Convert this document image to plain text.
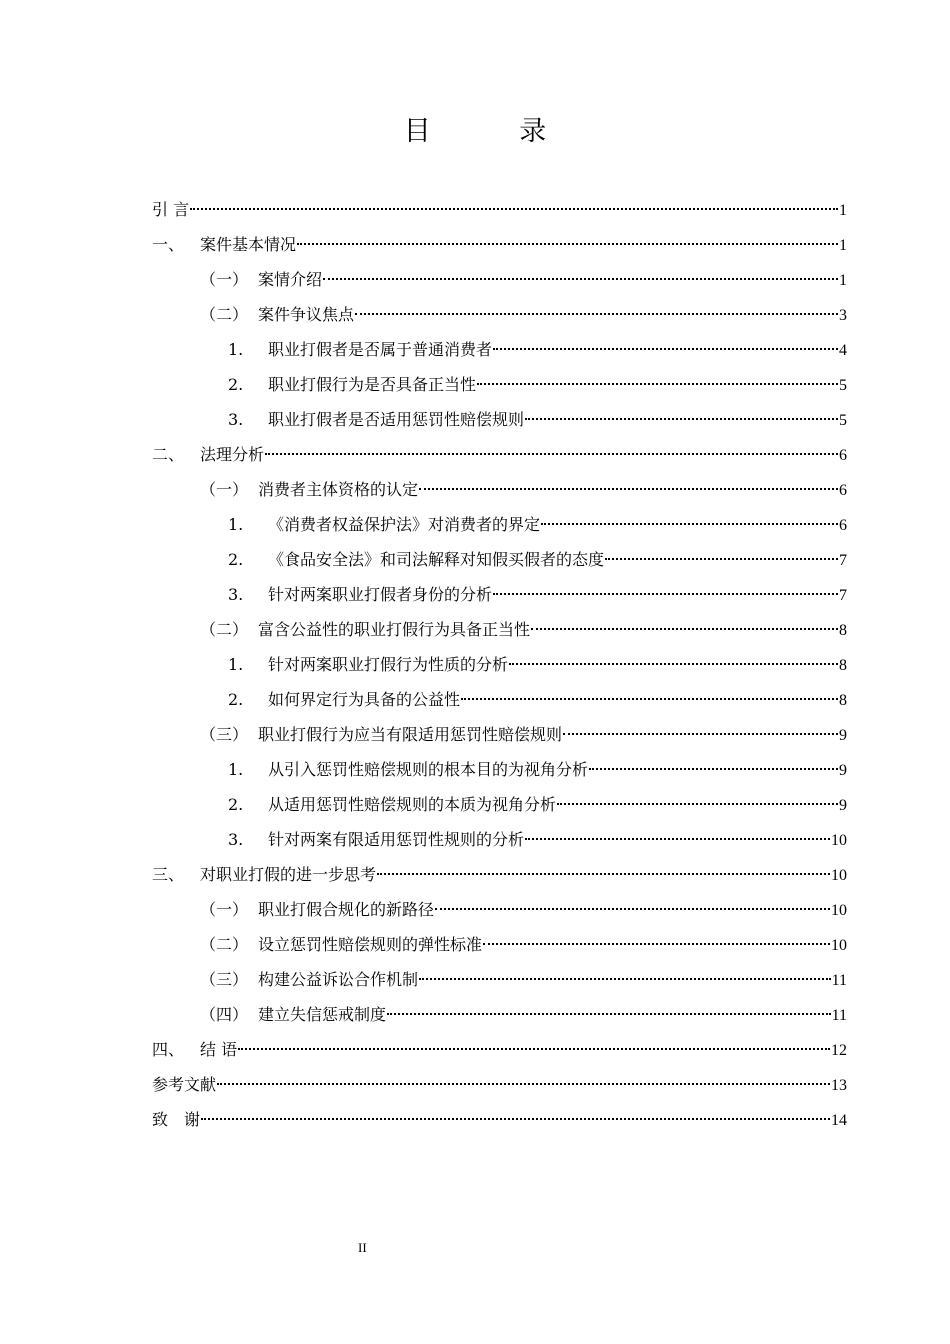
目 录
引 言	1
一、 案件基本情况	1
（一） 案情介绍	1
（二） 案件争议焦点	3
1.	职业打假者是否属于普通消费者	4
2.	职业打假行为是否具备正当性	5
3.	职业打假者是否适用惩罚性赔偿规则	5
二、 法理分析	6
（一） 消费者主体资格的认定	6
1.	《消费者权益保护法》对消费者的界定	6
2.	《食品安全法》和司法解释对知假买假者的态度	7
3.	针对两案职业打假者身份的分析	7
（二） 富含公益性的职业打假行为具备正当性	8
1.	针对两案职业打假行为性质的分析	8
2.	如何界定行为具备的公益性	8
（三） 职业打假行为应当有限适用惩罚性赔偿规则	9
1.	从引入惩罚性赔偿规则的根本目的为视角分析	9
2.	从适用惩罚性赔偿规则的本质为视角分析	9
3.	针对两案有限适用惩罚性规则的分析	10
三、 对职业打假的进一步思考	10
（一） 职业打假合规化的新路径	10
（二） 设立惩罚性赔偿规则的弹性标准	10
（三） 构建公益诉讼合作机制	11
（四） 建立失信惩戒制度	11
四、 结 语	12
参考文献	13
致　谢	14
II
